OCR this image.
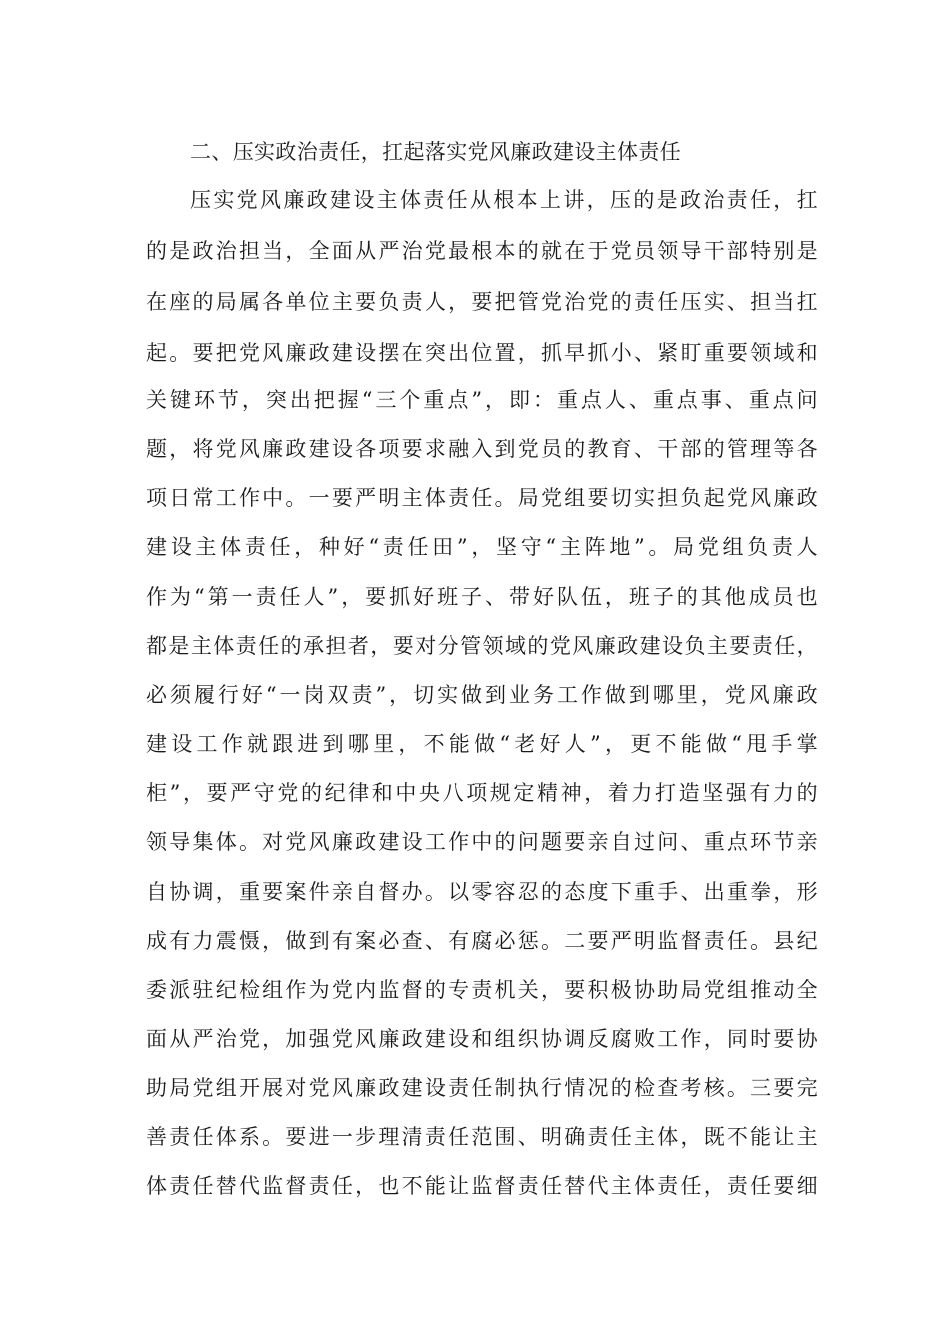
二、压实政治责任，扛起落实党风廉政建设主体责任
压实党风廉政建设主体责任从根本上讲，压的是政治责任，扛
的是政治担当，全面从严治党最根本的就在于党员领导干部特别是
在座的局属各单位主要负责人，要把管党治党的责任压实、担当扛
起。要把党风廉政建设摆在突出位置，抓早抓小、紧盯重要领域和
关键环节，突出把握“三个重点”，即：重点人、重点事、重点问
题，将党风廉政建设各项要求融入到党员的教育、干部的管理等各
项日常工作中。一要严明主体责任。局党组要切实担负起党风廉政
建设主体责任，种好“责任田”，坚守“主阵地”。局党组负责人
作为“第一责任人”，要抓好班子、带好队伍，班子的其他成员也
都是主体责任的承担者，要对分管领域的党风廉政建设负主要责任，
必须履行好“一岗双责”，切实做到业务工作做到哪里，党风廉政
建设工作就跟进到哪里，不能做“老好人”，更不能做“甩手掌
柜”，要严守党的纪律和中央八项规定精神，着力打造坚强有力的
领导集体。对党风廉政建设工作中的问题要亲自过问、重点环节亲
自协调，重要案件亲自督办。以零容忍的态度下重手、出重拳，形
成有力震慑，做到有案必查、有腐必惩。二要严明监督责任。县纪
委派驻纪检组作为党内监督的专责机关，要积极协助局党组推动全
面从严治党，加强党风廉政建设和组织协调反腐败工作，同时要协
助局党组开展对党风廉政建设责任制执行情况的检查考核。三要完
善责任体系。要进一步理清责任范围、明确责任主体，既不能让主
体责任替代监督责任，也不能让监督责任替代主体责任，责任要细
